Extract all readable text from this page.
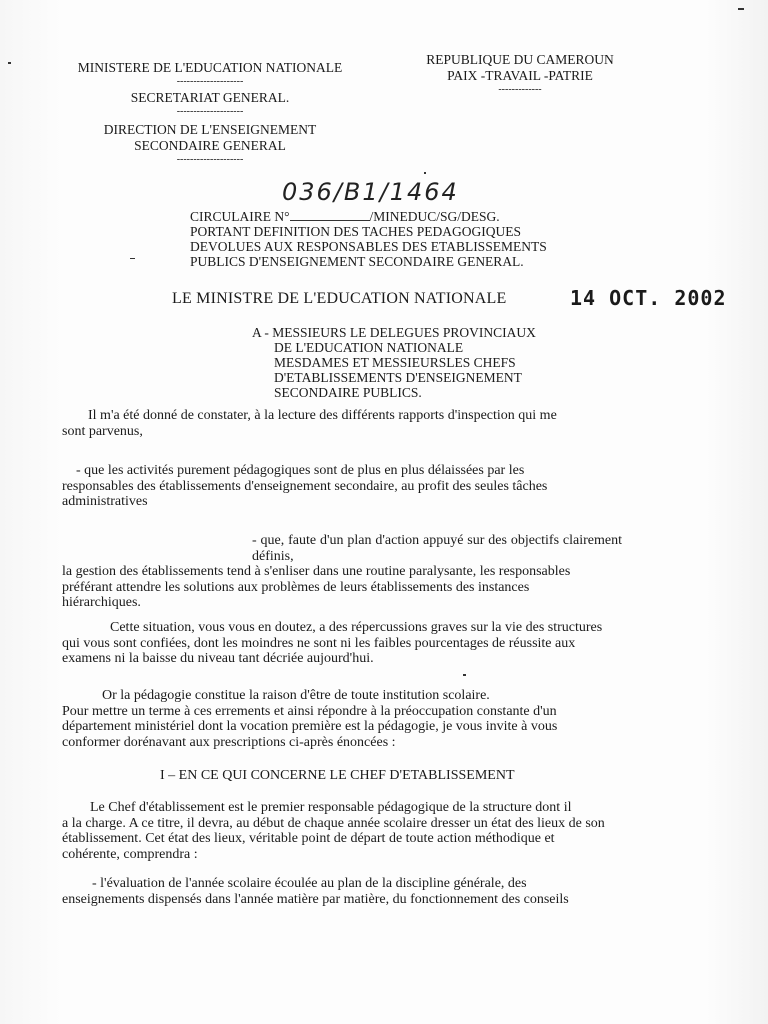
MINISTERE DE L'EDUCATION NATIONALE
--------------------
SECRETARIAT GENERAL.
--------------------
DIRECTION DE L'ENSEIGNEMENT
SECONDAIRE GENERAL
--------------------
REPUBLIQUE DU CAMEROUN
PAIX -TRAVAIL -PATRIE
-------------
036/B1/1464
CIRCULAIRE N°	/MINEDUC/SG/DESG.
PORTANT DEFINITION DES TACHES PEDAGOGIQUES
DEVOLUES AUX RESPONSABLES DES ETABLISSEMENTS
PUBLICS D'ENSEIGNEMENT SECONDAIRE GENERAL.
LE MINISTRE DE L'EDUCATION NATIONALE	14 OCT. 2002
A - MESSIEURS LE DELEGUES PROVINCIAUX
DE L'EDUCATION NATIONALE
MESDAMES ET MESSIEURSLES CHEFS
D'ETABLISSEMENTS D'ENSEIGNEMENT
SECONDAIRE PUBLICS.
Il m'a été donné de constater, à la lecture des différents rapports d'inspection qui me
sont parvenus,
- que les activités purement pédagogiques sont de plus en plus délaissées par les
responsables des établissements d'enseignement secondaire, au profit des seules tâches
administratives
- que, faute d'un plan d'action appuyé sur des objectifs clairement définis,
la gestion des établissements tend à s'enliser dans une routine paralysante, les responsables
préférant attendre les solutions aux problèmes de leurs établissements des instances
hiérarchiques.
Cette situation, vous vous en doutez, a des répercussions graves sur la vie des structures
qui vous sont confiées, dont les moindres ne sont ni les faibles pourcentages de réussite aux
examens ni la baisse du niveau tant décriée aujourd'hui.
Or la pédagogie constitue la raison d'être de toute institution scolaire.
Pour mettre un terme à ces errements et ainsi répondre à la préoccupation constante d'un
département ministériel dont la vocation première est la pédagogie, je vous invite à vous
conformer dorénavant aux prescriptions ci-après énoncées :
I – EN CE QUI CONCERNE LE CHEF D'ETABLISSEMENT
Le Chef d'établissement est le premier responsable pédagogique de la structure dont il
a la charge. A ce titre, il devra, au début de chaque année scolaire dresser un état des lieux de son
établissement. Cet état des lieux, véritable point de départ de toute action méthodique et
cohérente, comprendra :
- l'évaluation de l'année scolaire écoulée au plan de la discipline générale, des
enseignements dispensés dans l'année matière par matière, du fonctionnement des conseils
